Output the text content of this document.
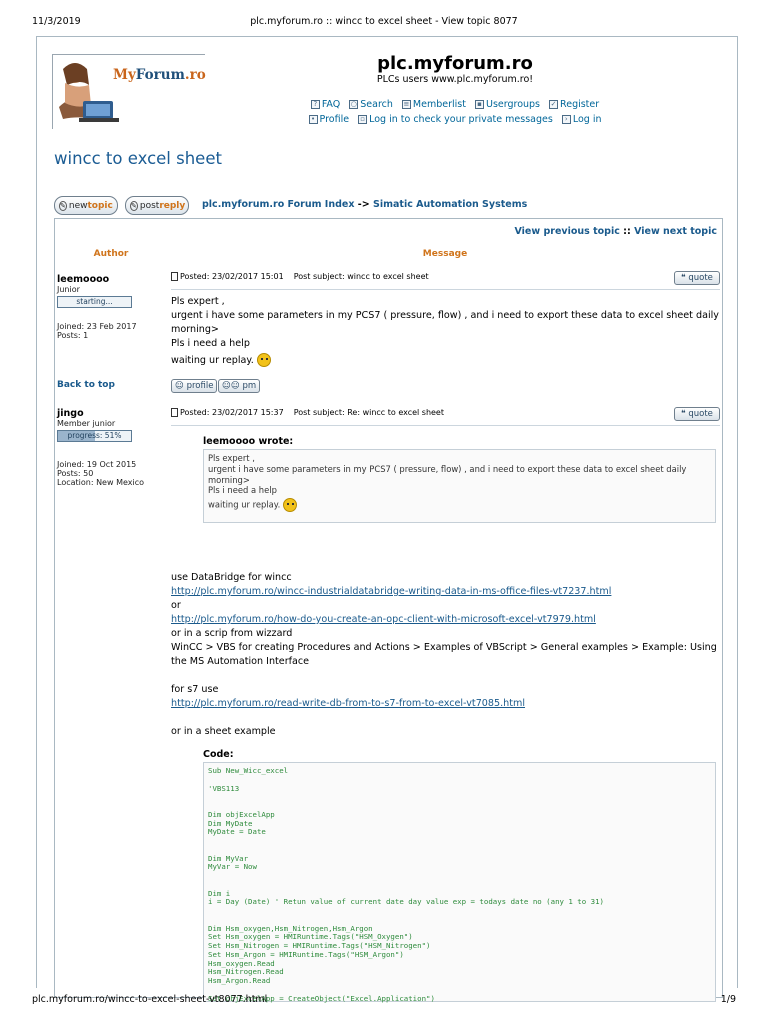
11/3/2019	plc.myforum.ro :: wincc to excel sheet - View topic 8077
MyForum.ro
plc.myforum.ro
PLCs users www.plc.myforum.ro!
? FAQ
○ Search
≡ Memberlist
	▪ Usergroups
✓ Register
• Profile
	▫ Log in to check your private messages
	› Log in
wincc to excel sheet
✎ new topic	✎ post reply plc.myforum.ro Forum Index -> Simatic Automation Systems
View previous topic :: View next topic
Author	Message
leemoooo
Junior
starting...
Joined: 23 Feb 2017
Posts: 1
Posted: 23/02/2017 15:01 Post subject: wincc to excel sheet	❝ quote

Pls expert ,

urgent i have some parameters in my PCS7 ( pressure, flow) , and i need to export these data to excel sheet daily morning>

Pls i need a help

waiting ur replay.

Back to top	☺ profile	☺☺ pm
jingo
Member junior
progress: 51%
Joined: 19 Oct 2015
Posts: 50
Location: New Mexico
Posted: 23/02/2017 15:37 Post subject: Re: wincc to excel sheet	❝ quote
leemoooo wrote:

Pls expert ,

urgent i have some parameters in my PCS7 ( pressure, flow) , and i need to export these data to excel sheet daily morning>

Pls i need a help

waiting ur replay.

use DataBridge for wincc

http://plc.myforum.ro/wincc-industrialdatabridge-writing-data-in-ms-office-files-vt7237.html

or

http://plc.myforum.ro/how-do-you-create-an-opc-client-with-microsoft-excel-vt7979.html

or in a scrip from wizzard

WinCC > VBS for creating Procedures and Actions > Examples of VBScript > General examples > Example: Using the MS Automation Interface

for s7 use

http://plc.myforum.ro/read-write-db-from-to-s7-from-to-excel-vt7085.html

or in a sheet example

Code:
Sub New_Wicc_excel

'VBS113

Dim objExcelApp
Dim MyDate
MyDate = Date

Dim MyVar
MyVar = Now

Dim i
i = Day (Date) ' Retun value of current date day value exp = todays date no (any 1 to 31)

Dim Hsm_oxygen,Hsm_Nitrogen,Hsm_Argon
Set Hsm_oxygen = HMIRuntime.Tags("HSM_Oxygen")
Set Hsm_Nitrogen = HMIRuntime.Tags("HSM_Nitrogen")
Set Hsm_Argon = HMIRuntime.Tags("HSM_Argon")
Hsm_oxygen.Read
Hsm_Nitrogen.Read
Hsm_Argon.Read

Set objExcelApp = CreateObject("Excel.Application")
plc.myforum.ro/wincc-to-excel-sheet-vt8077.html	1/9
